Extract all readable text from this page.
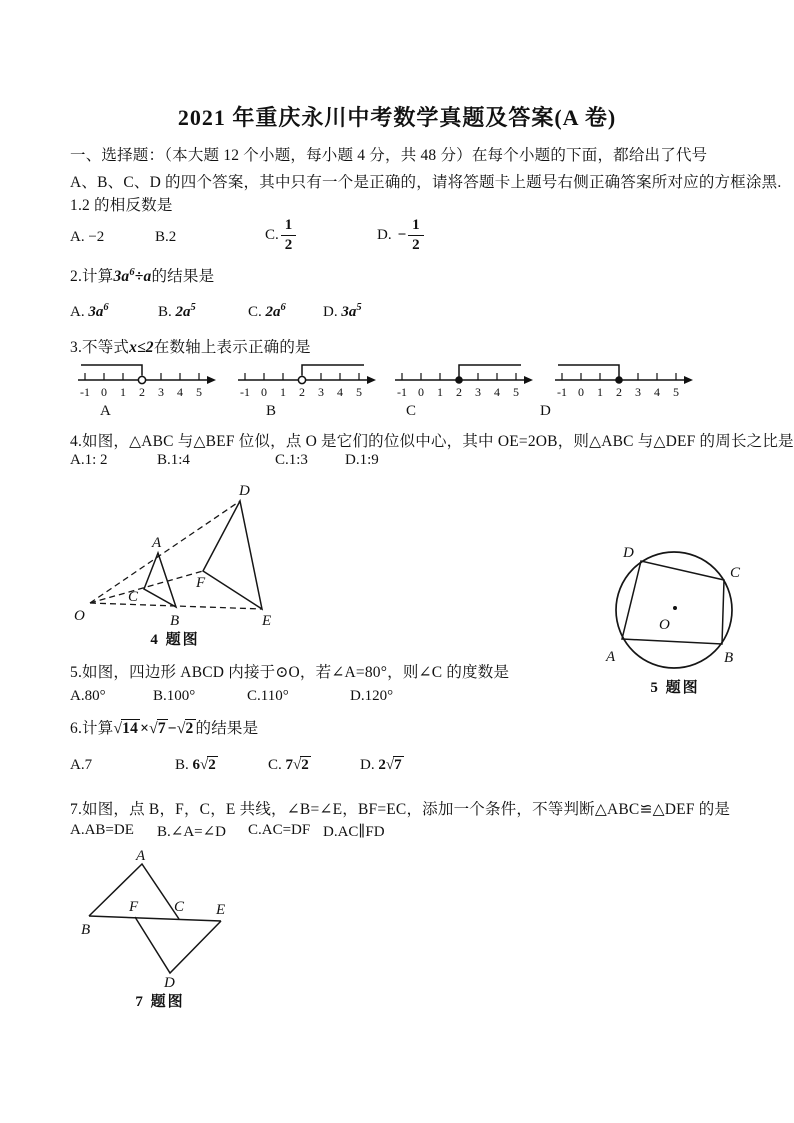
2021 年重庆永川中考数学真题及答案(A 卷)
一、选择题：（本大题 12 个小题，每小题 4 分，共 48 分）在每个小题的下面，都给出了代号
A、B、C、D 的四个答案，其中只有一个是正确的，请将答题卡上题号右侧正确答案所对应的方框涂黑.
1.2 的相反数是
A. −2	B.2	C. $\frac{1}{2}$	D. − $\frac{1}{2}$
2.计算$3a^6\div a$的结果是
A. $3a^6$	B. $2a^5$	C. $2a^6$ D. $3a^5$
3.不等式x≤2在数轴上表示正确的是
-1 0 1 2 3 4 5	-1 0 1 2 3 4 5	-1 0 1 2 3 4 5	-1 0 1 2 3 4 5
A	B	C	D
4.如图，△ABC 与△BEF 位似，点 O 是它们的位似中心，其中 OE=2OB，则△ABC 与△DEF 的周长之比是
A.1: 2	B.1:4	C.1:3 D.1:9
O
A
B
C
D
E
F
4 题图
D
C
B
A
O
5 题图
5.如图，四边形 ABCD 内接于⊙O，若∠A=80°，则∠C 的度数是
A.80°	B.100°	C.110°	D.120°
6.计算√14 ×√7 −√2 的结果是
A.7	B. 6√2	C. 7√2	D. 2√7
7.如图，点 B，F，C，E 共线，∠B=∠E，BF=EC，添加一个条件，不等判断△ABC≌△DEF 的是
A.AB=DE B.∠A=∠D C.AC=DF D.AC∥FD
A
B
F C E
D
7 题图
